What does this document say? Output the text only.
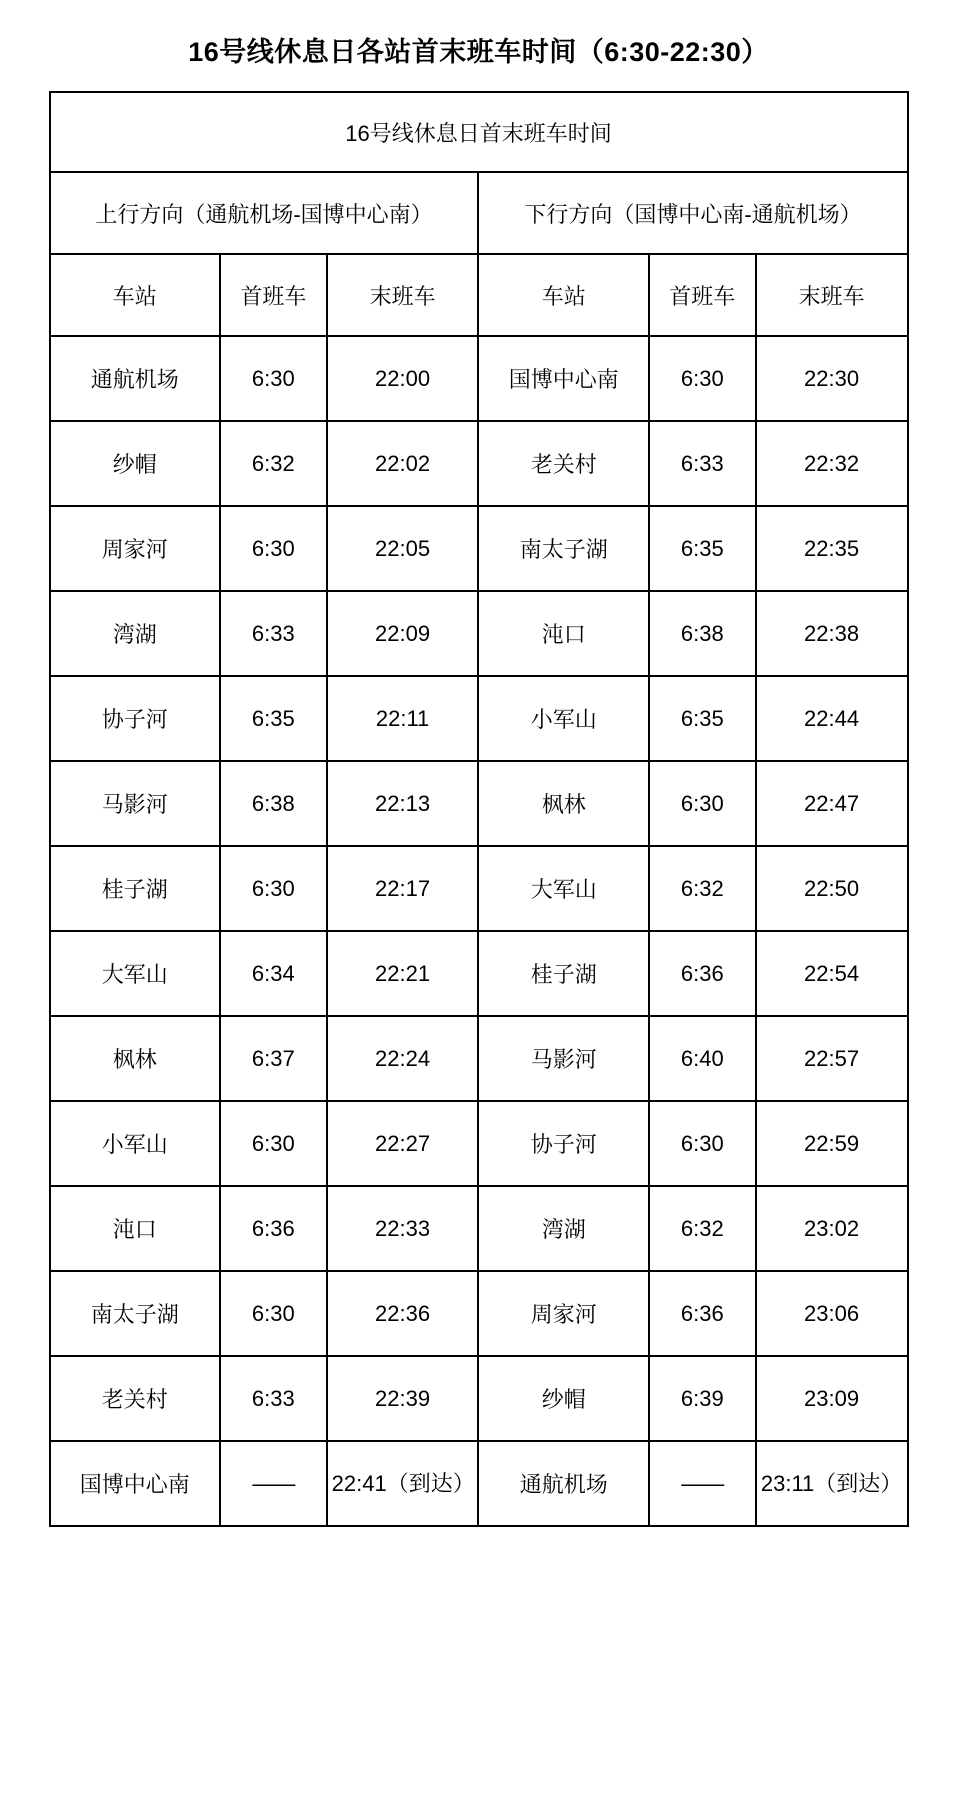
16号线休息日各站首末班车时间（6:30-22:30）
16号线休息日首末班车时间					
上行方向（通航机场-国博中心南）			下行方向（国博中心南-通航机场）		
车站	首班车	末班车	车站	首班车	末班车
通航机场	6:30	22:00	国博中心南	6:30	22:30
纱帽	6:32	22:02	老关村	6:33	22:32
周家河	6:30	22:05	南太子湖	6:35	22:35
湾湖	6:33	22:09	沌口	6:38	22:38
协子河	6:35	22:11	小军山	6:35	22:44
马影河	6:38	22:13	枫林	6:30	22:47
桂子湖	6:30	22:17	大军山	6:32	22:50
大军山	6:34	22:21	桂子湖	6:36	22:54
枫林	6:37	22:24	马影河	6:40	22:57
小军山	6:30	22:27	协子河	6:30	22:59
沌口	6:36	22:33	湾湖	6:32	23:02
南太子湖	6:30	22:36	周家河	6:36	23:06
老关村	6:33	22:39	纱帽	6:39	23:09
国博中心南	——	22:41（到达）	通航机场	——	23:11（到达）
